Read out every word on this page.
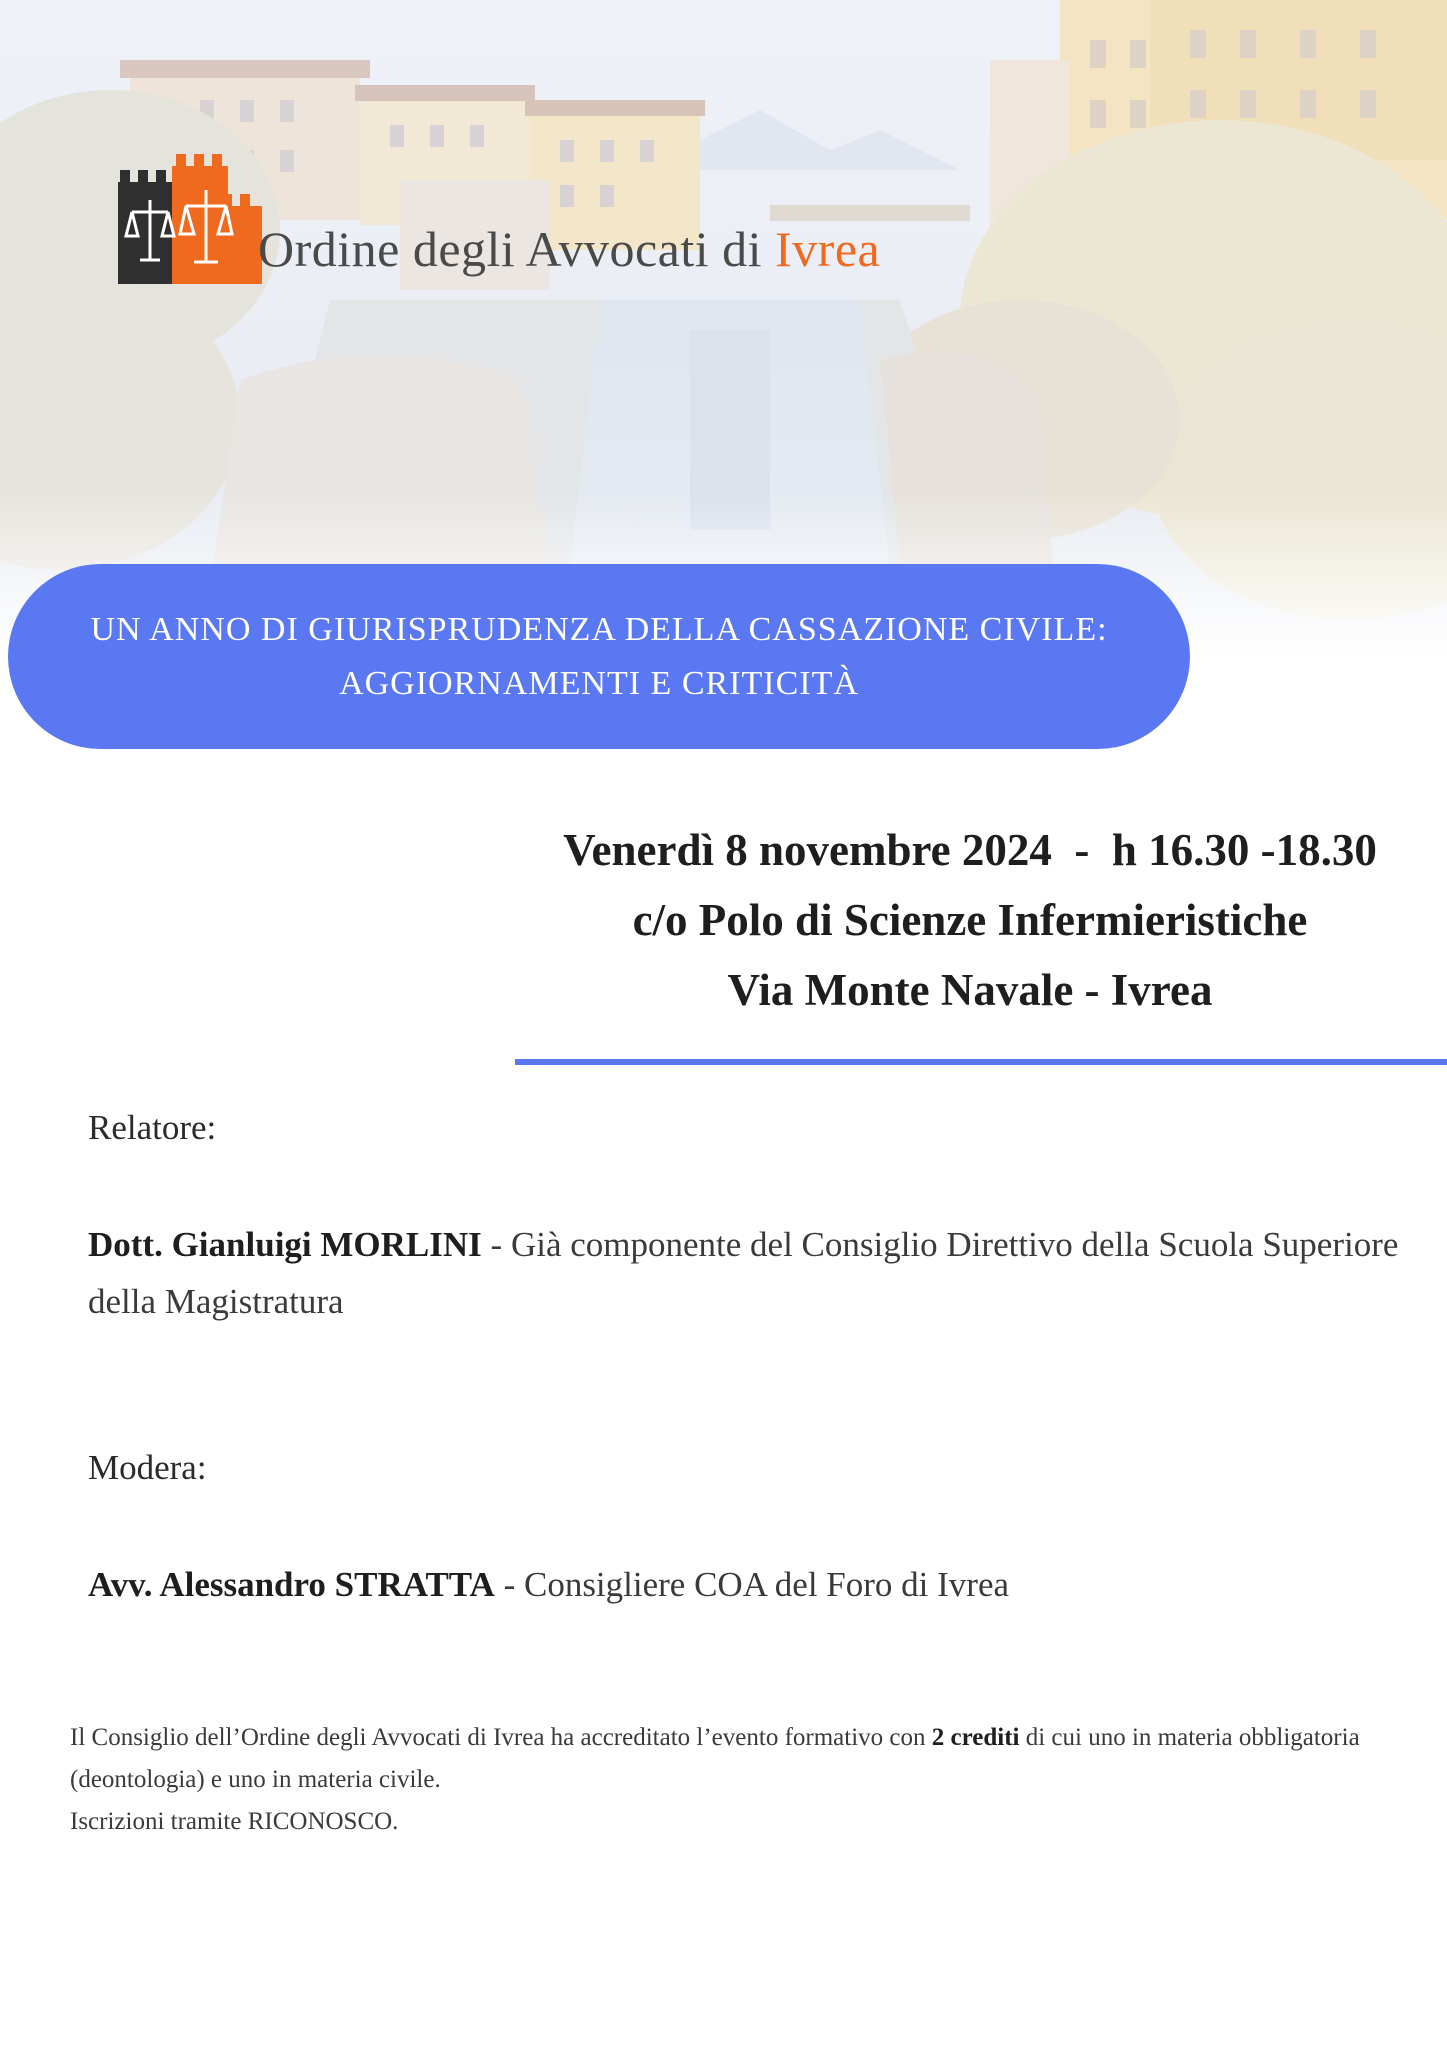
Ordine degli Avvocati di Ivrea
UN ANNO DI GIURISPRUDENZA DELLA CASSAZIONE CIVILE:
AGGIORNAMENTI E CRITICITÀ
Venerdì 8 novembre 2024  -  h 16.30 -18.30
c/o Polo di Scienze Infermieristiche
Via Monte Navale - Ivrea
Relatore:
Dott. Gianluigi MORLINI - Già componente del Consiglio Direttivo della Scuola Superiore della Magistratura
Modera:
Avv. Alessandro STRATTA - Consigliere COA del Foro di Ivrea
Il Consiglio dell’Ordine degli Avvocati di Ivrea ha accreditato l’evento formativo con 2 crediti di cui uno in materia obbligatoria (deontologia) e uno in materia civile.
Iscrizioni tramite RICONOSCO.
